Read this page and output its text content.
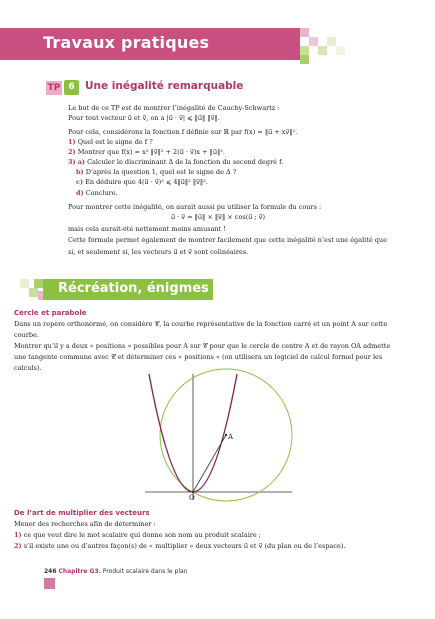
Travaux pratiques
TP 6 Une inégalité remarquable
Le but de ce TP est de montrer l’inégalité de Cauchy-Schwartz :
Pour tout vecteur u⃗ et v⃗, on a |u⃗ · v⃗| ⩽ ‖u⃗‖ ‖v⃗‖.
Pour cela, considérons la fonction f définie sur ℝ par f(x) = ‖u⃗ + xv⃗‖².
1) Quel est le signe de f ?
2) Montrer que f(x) = x² ‖v⃗‖² + 2(u⃗ · v⃗)x + ‖u⃗‖².
3) a) Calculer le discriminant Δ de la fonction du second degré f.
b) D’après la question 1, quel est le signe de Δ ?
c) En déduire que 4(u⃗ · v⃗)² ⩽ 4‖u⃗‖² ‖v⃗‖².
d) Conclure.
Pour montrer cette inégalité, on aurait aussi pu utiliser la formule du cours :
u⃗ · v⃗ = ‖u⃗‖ × ‖v⃗‖ × cos(u⃗ ; v⃗)
mais cela aurait-été nettement moins amusant !
Cette formule permet également de montrer facilement que cette inégalité n’est une égalité que
si, et seulement si, les vecteurs u⃗ et v⃗ sont colinéaires.
Récréation, énigmes
Cercle et parabole
Dans un repère orthonormé, on considère 𝒞, la courbe représentative de la fonction carré et un point A sur cette
courbe.
Montrer qu’il y a deux « positions » possibles pour A sur 𝒞 pour que le cercle de centre A et de rayon OA admette
une tangente commune avec 𝒞 et déterminer ces « positions » (on utilisera un logiciel de calcul formel pour les
calculs).
A
O
De l’art de multiplier des vecteurs
Mener des recherches afin de déterminer :
1) ce que veut dire le mot scalaire qui donne son nom au produit scalaire ;
2) s’il existe une ou d’autres façon(s) de « multiplier » deux vecteurs u⃗ et v⃗ (du plan ou de l’espace).
246 Chapitre G3. Produit scalaire dans le plan
